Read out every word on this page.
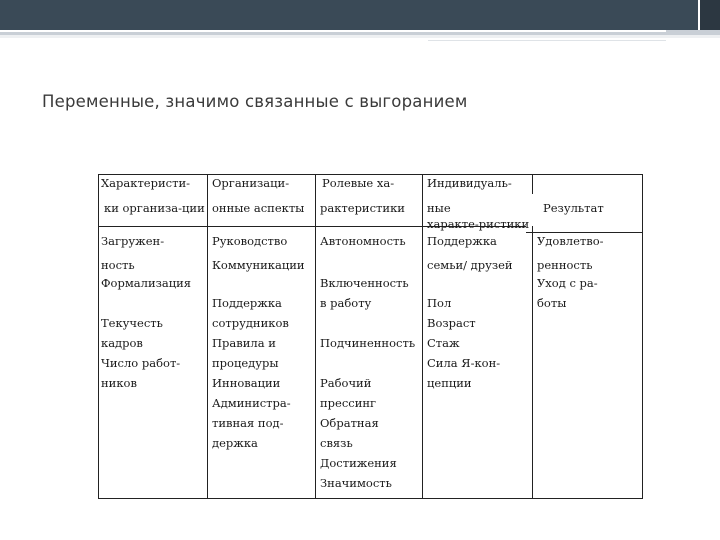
Переменные, значимо связанные с выгоранием
Характеристи-
ки организа-ции
Организаци-
онные аспекты
Ролевые ха-
рактеристики
Индивидуаль-
ные
характе-ристики
Результат
Загружен-
ность
Формализация
Текучесть
кадров
Число работ-
ников
Руководство
Коммуникации
Поддержка
сотрудников
Правила и
процедуры
Инновации
Администра-
тивная под-
держка
Автономность
Включенность
в работу
Подчиненность
Рабочий
прессинг
Обратная
связь
Достижения
Значимость
Поддержка
семьи/ друзей
Пол
Возраст
Стаж
Сила Я-кон-
цепции
Удовлетво-
ренность
Уход с ра-
боты
